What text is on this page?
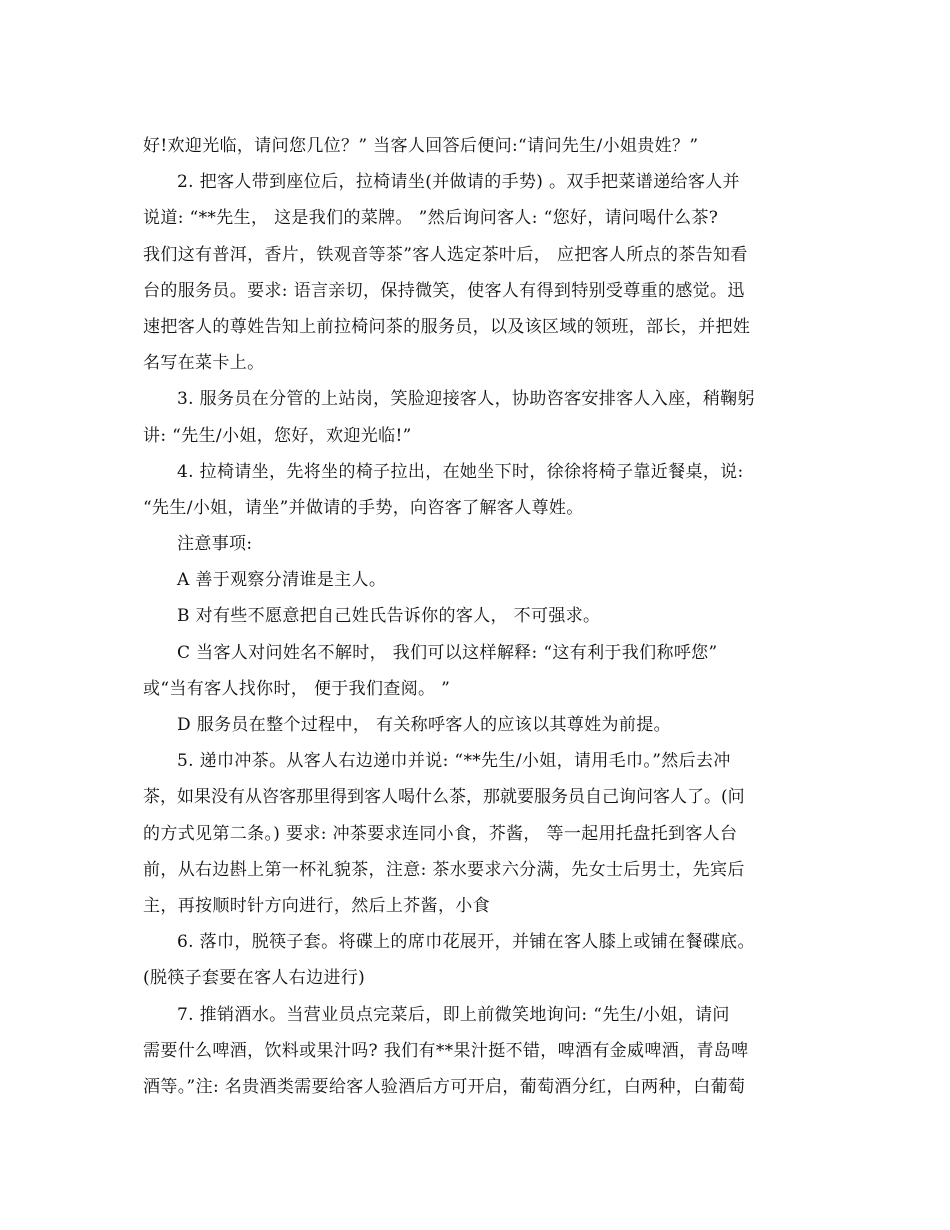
好!欢迎光临，请问您几位？” 当客人回答后便问:“请问先生/小姐贵姓？”
2. 把客人带到座位后，拉椅请坐(并做请的手势) 。双手把菜谱递给客人并
说道: “**先生， 这是我们的菜牌。 ”然后询问客人: “您好，请问喝什么茶?
我们这有普洱，香片，铁观音等茶”客人选定茶叶后， 应把客人所点的茶告知看
台的服务员。要求: 语言亲切，保持微笑，使客人有得到特别受尊重的感觉。迅
速把客人的尊姓告知上前拉椅问茶的服务员，以及该区域的领班，部长，并把姓
名写在菜卡上。
3. 服务员在分管的上站岗，笑脸迎接客人，协助咨客安排客人入座，稍鞠躬
讲: “先生/小姐，您好，欢迎光临!”
4. 拉椅请坐，先将坐的椅子拉出，在她坐下时，徐徐将椅子靠近餐桌，说:
“先生/小姐，请坐”并做请的手势，向咨客了解客人尊姓。
注意事项:
A 善于观察分清谁是主人。
B 对有些不愿意把自己姓氏告诉你的客人， 不可强求。
C 当客人对问姓名不解时， 我们可以这样解释: “这有利于我们称呼您”
或“当有客人找你时， 便于我们查阅。 ”
D 服务员在整个过程中， 有关称呼客人的应该以其尊姓为前提。
5. 递巾冲茶。从客人右边递巾并说: “**先生/小姐，请用毛巾。”然后去冲
茶，如果没有从咨客那里得到客人喝什么茶，那就要服务员自己询问客人了。(问
的方式见第二条。) 要求: 冲茶要求连同小食，芥酱， 等一起用托盘托到客人台
前，从右边斟上第一杯礼貌茶，注意: 茶水要求六分满，先女士后男士，先宾后
主，再按顺时针方向进行，然后上芥酱，小食
6. 落巾，脱筷子套。将碟上的席巾花展开，并铺在客人膝上或铺在餐碟底。
(脱筷子套要在客人右边进行)
7. 推销酒水。当营业员点完菜后，即上前微笑地询问: “先生/小姐，请问
需要什么啤酒，饮料或果汁吗? 我们有**果汁挺不错，啤酒有金威啤酒，青岛啤
酒等。”注: 名贵酒类需要给客人验酒后方可开启，葡萄酒分红，白两种，白葡萄
